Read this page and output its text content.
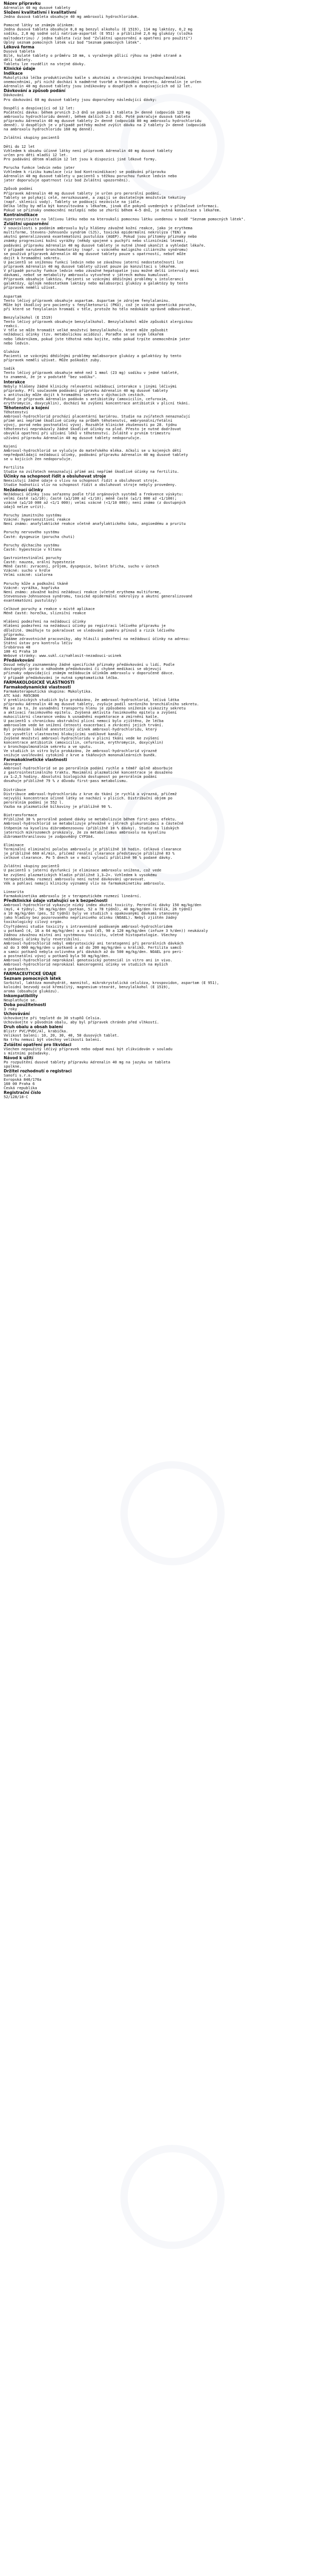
Název přípravku
Adrenalin 40 mg dusové tablety
Složení kvalitativní i kvalitativní
Jedna dusová tableta obsahuje 40 mg ambroxoli hydrochloridum.

Pomocné látky se známým účinkem:
Jedna dusová tableta obsahuje 0,8 mg benzyl alkoholu (E 1519), 114 mg laktózy, 0,2 mg
sodíku, 2,8 mg sodné soli natrium-aspartát (E 951) a přibližně 2,6 mg glukózy (složka
maltodextrinu) / jedna tableta (viz bod "Zvláštní upozornění a opatření pro použití")
Úplný seznam pomocných látek viz bod "Seznam pomocných látek".
Léková forma
Dusová tableta
Bílé, kulaté tablety o průměru 10 mm, s vyraženým půlicí rýhou na jedné straně a
dělí tablety.
Tabletu lze rozdělit na stejné dávky.
Klinické údaje
Indikace
Mukolytická léčba produktivního kašle s akutními a chronickými bronchopulmonálními
onemocněními, při nichž dochází k nadměrné tvorbě a hromadění sekretu. Adrenalin je určen
Adrenalin 40 mg dusové tablety jsou indikovány u dospělých a dospívajících od 12 let.
Dávkování a způsob podání
Dávkování
Pro dávkování 60 mg dusové tablety jsou doporučeny následující dávky:

Dospělí a dospívající od 12 let:
Počáteční dávka: během prvních 2–3 dnů se podává 1 tableta 3× denně (odpovídá 120 mg
ambroxolu hydrochloridu denně), během dalších 2–3 dnů. Poté pokračuje dusová tableta
přípravku Adrenalin 40 mg dusové tablety 2× denně (odpovídá 80 mg ambroxolu hydrochloridu
denně). U dospělých je v případě potřeby možné zvýšit dávku na 2 tablety 2× denně (odpovídá
na ambroxolu hydrochloridu 160 mg denně).

Zvláštní skupiny pacientů

Děti do 12 let
Vzhledem k obsahu účinné látky není přípravek Adrenalin 40 mg dusové tablety
určen pro děti mladší 12 let.
Pro podávání dětem mladším 12 let jsou k dispozici jiné lékové formy.

Porucha funkce ledvin nebo jater
Vzhledem k riziku kumulace (viz bod Kontraindikace) se podávání přípravku
Adrenalin 40 mg dusové tablety u pacientů s těžkou poruchou funkce ledvin nebo
jater doporučuje opatrnost (viz bod Zvláštní upozornění).

Způsob podání
Přípravek Adrenalin 40 mg dusové tablety je určen pro perorální podání.
Tablety se polykají celé, nerozkousané, a zapijí se dostatečným množstvím tekutiny
(např. sklenicí vody). Tablety se podávají nezávisle na jídle.
Délka léčby by měla být konzultována s lékařem, jinak dle pokynů uvedených v příbalové informaci.
Pokud se příznaky onemocnění nezlepší nebo se zhorší během 4–5 dnů, je nutná konzultace s lékařem.
Kontraindikace
Hypersenzitivita na léčivou látku nebo na kteroukoli pomocnou látku uvedenou v bodě "Seznam pomocných látek".
Zvláštní upozornění
V souvislosti s podáním ambroxolu byly hlášeny závažné kožní reakce, jako je erythema
multiforme, Stevens-Johnsonův syndrom (SJS), toxická epidermální nekrolýza (TEN) a
akutní generalizovaná exantematózní pustulóza (AGEP). Pokud jsou přítomny příznaky nebo
známky progresivní kožní vyrážky (někdy spojené s puchýři nebo slizničními lézemi),
podávání přípravku Adrenalin 40 mg dusové tablety je nutné ihned ukončit a vyhledat lékaře.
V případě narušené bronchomotoriky (např. u vzácného maligního ciliárního syndromu)
se používá přípravek Adrenalin 40 mg dusové tablety pouze s opatrností, neboť může
dojít k hromadění sekretu.
U pacientů se sníženou funkcí ledvin nebo se závažnou jaterní nedostatečností lze
přípravek Adrenalin 40 mg dusové tablety užívat pouze po konzultaci s lékařem.
V případě poruchy funkce ledvin nebo závažné hepatopatie jsou možné delší intervaly mezi
dávkami, neboť se metabolity ambroxolu vytvořené v játrech mohou kumulovat.
Přípravek obsahuje laktózu. Pacienti se vzácnými dědičnými problémy s intolerancí
galaktózy, úplným nedostatkem laktázy nebo malabsorpcí glukózy a galaktózy by tento
přípravek neměli užívat.

Aspartam
Tento léčivý přípravek obsahuje aspartam. Aspartam je zdrojem fenylalaninu.
Může být škodlivý pro pacienty s fenylketonurií (PKU), což je vzácná genetická porucha,
při které se fenylalanin hromadí v těle, protože ho tělo nedokáže správně odbourávat.

Benzylalkohol (E 1519)
Tento léčivý přípravek obsahuje benzylalkohol. Benzylalkohol může způsobit alergickou
reakci.
V těle se může hromadit velké množství benzylalkoholu, které může způsobit
nežádoucí účinky (tzv. metabolickou acidózu). Poraďte se se svým lékařem
nebo lékárníkem, pokud jste těhotná nebo kojíte, nebo pokud trpíte onemocněním jater
nebo ledvin.

Glukóza
Pacienti se vzácnými dědičnými problémy malabsorpce glukózy a galaktózy by tento
přípravek neměli užívat. Může poškodit zuby.

Sodík
Tento léčivý přípravek obsahuje méně než 1 mmol (23 mg) sodíku v jedné tabletě,
to znamená, že je v podstatě "bez sodíku".
Interakce
Nebyly hlášeny žádné klinicky relevantní nežádoucí interakce s jinými léčivými
přípravky. Při současném podávání přípravku Adrenalin 40 mg dusové tablety
s antitusiky může dojít k hromadění sekretu v dýchacích cestách.
Pokud je přípravek Adrenalin podáván s antibiotiky (amoxicilin, cefuroxim,
erythromycin, doxycyklin), dochází ke zvýšení koncentrace antibiotik v plicní tkáni.
Těhotenství a kojení
Těhotenství
Ambroxol-hydrochlorid prochází placentární bariérou. Studie na zvířatech nenaznačují
přímé ani nepřímé škodlivé účinky na průběh těhotenství, embryonální/fetální
vývoj, porod nebo postnatální vývoj. Rozsáhlé klinické zkušenosti po 28. týdnu
těhotenství neprokázaly žádné škodlivé účinky na plod. Přesto je nutné dodržovat
obvyklá opatření při užívání léků v těhotenství. Zvláště v prvním trimestru
užívání přípravku Adrenalin 40 mg dusové tablety nedoporučuje.

Kojení
Ambroxol-hydrochlorid se vylučuje do mateřského mléka. Ačkoli se u kojených dětí
nepředpokládají nežádoucí účinky, podávání přípravku Adrenalin 40 mg dusové tablety
se u kojících žen nedoporučuje.

Fertilita
Studie na zvířatech nenaznačují přímé ani nepřímé škodlivé účinky na fertilitu.
Účinky na schopnost řídit a obsluhovat stroje
Neexistují žádné údaje o vlivu na schopnost řídit a obsluhovat stroje.
Studie hodnotící vliv na schopnost řídit a obsluhovat stroje nebyly provedeny.
Nežádoucí účinky
Nežádoucí účinky jsou seřazeny podle tříd orgánových systémů a frekvence výskytu:
velmi časté (≥1/10); časté (≥1/100 až <1/10); méně časté (≥1/1 000 až <1/100);
vzácné (≥1/10 000 až <1/1 000); velmi vzácné (<1/10 000); není známo (z dostupných
údajů nelze určit).

Poruchy imunitního systému
Vzácné: hypersenzitivní reakce
Není známo: anafylaktické reakce včetně anafylaktického šoku, angioedému a pruritu

Poruchy nervového systému
Časté: dysgeuzie (porucha chuti)

Poruchy dýchacího systému
Časté: hypestezie v hltanu

Gastrointestinální poruchy
Časté: nauzea, orální hypestezie
Méně časté: zvracení, průjem, dyspepsie, bolest břicha, sucho v ústech
Vzácné: sucho v hrdle
Velmi vzácné: sialorea

Poruchy kůže a podkožní tkáně
Vzácné: vyrážka, kopřivka
Není známo: závažné kožní nežádoucí reakce (včetně erythema multiforme,
Stevensova-Johnsonova syndromu, toxické epidermální nekrolýzy a akutní generalizované
exantematózní pustulózy)

Celkové poruchy a reakce v místě aplikace
Méně časté: horečka, slizniční reakce

Hlášení podezření na nežádoucí účinky
Hlášení podezření na nežádoucí účinky po registraci léčivého přípravku je
důležité. Umožňuje to pokračovat ve sledování poměru přínosů a rizik léčivého
přípravku.
Žádáme zdravotnické pracovníky, aby hlásili podezření na nežádoucí účinky na adresu:
Státní ústav pro kontrolu léčiv
Šrobárova 48
100 41 Praha 10
Webové stránky: www.sukl.cz/nahlasit-nezadouci-ucinek
Předávkování
Dosud nebyly zaznamenány žádné specifické příznaky předávkování u lidí. Podle
dostupných zpráv o náhodném předávkování či chybné medikaci se objevují
příznaky odpovídající známým nežádoucím účinkům ambroxolu v doporučené dávce.
V případě předávkování je nutná symptomatická léčba.
FARMAKOLOGICKÉ VLASTNOSTI
Farmakodynamické vlastnosti
Farmakoterapeutická skupina: Mukolytika.
ATC kód: R05CB06
V preklinických studiích bylo prokázáno, že ambroxol-hydrochlorid, léčivá látka
přípravku Adrenalin 40 mg dusové tablety, zvyšuje podíl serózního bronchiálního sekretu.
Má se za to, že usnadnění transportu hlenu je způsobeno snížením viskozity sekretu
a aktivací řasinkového epitelu. Zvýšená aktivita řasinkového epitelu a zvýšení
mukociliární clearance vedou k usnadnění expektorace a zmírnění kašle.
U pacientů s chronickou obstrukční plicní nemocí bylo zjištěno, že léčba
ambroxolem vede ke snížení četnosti exacerbací a zkrácení jejich trvání.
Byl prokázán lokálně anestetický účinek ambroxol-hydrochloridu, který
lze vysvětlit vlastnostmi blokujícími sodíkové kanály.
Zvýšené množství ambroxol-hydrochloridu v plicní tkáni vede ke zvýšení
koncentrace antibiotik (amoxicilin, cefuroxim, erythromycin, doxycyklin)
v bronchopulmonálním sekretu a ve sputu.
Ve studiích in vitro bylo prokázáno, že ambroxol-hydrochlorid výrazně
snižuje uvolňování cytokinů z krve a tkáňových mononukleárních buněk.
Farmakokinetické vlastnosti
Absorpce
Ambroxol-hydrochlorid se po perorálním podání rychle a téměř úplně absorbuje
z gastrointestinálního traktu. Maximální plazmatické koncentrace je dosaženo
za 1–2,5 hodiny. Absolutní biologická dostupnost po perorálním podání
dosahuje přibližně 79 % z důvodu first-pass metabolismu.

Distribuce
Distribuce ambroxol-hydrochloridu z krve do tkání je rychlá a výrazná, přičemž
nejvyšší koncentrace účinné látky se nachází v plicích. Distribuční objem po
perorálním podání je 552 l.
Vazba na plazmatické bílkoviny je přibližně 90 %.

Biotransformace
Přibližně 30 % perorálně podané dávky se metabolizuje během first-pass efektu.
Ambroxol-hydrochlorid se metabolizuje převážně v játrech glukuronidací a částečně
štěpením na kyselinu dibrombenzoovou (přibližně 10 % dávky). Studie na lidských
jaterních mikrozomech prokázaly, že za metabolismus ambroxolu na kyselinu
dibromanthranilovou je zodpovědný CYP3A4.

Eliminace
Terminální eliminační poločas ambroxolu je přibližně 10 hodin. Celková clearance
je přibližně 660 ml/min, přičemž renální clearance představuje přibližně 83 %
celkové clearance. Po 5 dnech se v moči vyloučí přibližně 90 % podané dávky.

Zvláštní skupiny pacientů
U pacientů s jaterní dysfunkcí je eliminace ambroxolu snížena, což vede
ke zvýšení plazmatických hladin přibližně 1,3–2×. Vzhledem k vysokému
terapeutickému rozmezí ambroxolu není nutné dávkování upravovat.
Věk a pohlaví nemají klinicky významný vliv na farmakokinetiku ambroxolu.

Linearita
Farmakokinetika ambroxolu je v terapeutickém rozmezí lineární.
Předklinické údaje vztahující se k bezpečnosti
Ambroxol-hydrochlorid vykazuje nízký index akutní toxicity. Perorální dávky 150 mg/kg/den
(myš, 4 týdny), 50 mg/kg/den (potkan, 52 a 78 týdnů), 40 mg/kg/den (králík, 26 týdnů)
a 10 mg/kg/den (pes, 52 týdnů) byly ve studiích s opakovanými dávkami stanoveny
jako hladiny bez pozorovaného nepříznivého účinku (NOAEL). Nebyl zjištěn žádný
toxikologický cílový orgán.
Čtyřtýdenní studie toxicity s intravenózně podávaným ambroxol-hydrochloridem
u potkanů (4, 16 a 64 mg/kg/den) a u psů (45, 90 a 120 mg/kg/den (infuze 3 h/den)) neukázaly
žádnou závažnou místní ani systémovou toxicitu, včetně histopatologie. Všechny
nežádoucí účinky byly reverzibilní.
Ambroxol-hydrochlorid nebyl embryotoxický ani teratogenní při perorálních dávkách
až do 3 000 mg/kg/den u potkanů a až do 200 mg/kg/den u králíků. Fertilita samců
a samic potkanů nebyla ovlivněna při dávkách až do 500 mg/kg/den. NOAEL pro peri-
a postnatální vývoj u potkanů byla 50 mg/kg/den.
Ambroxol-hydrochlorid neprokázal genotoxický potenciál in vitro ani in vivo.
Ambroxol-hydrochlorid neprokázal kancerogenní účinky ve studiích na myších
a potkanech.
FARMACEUTICKÉ ÚDAJE
Seznam pomocných látek
Sorbitol, laktóza monohydrát, mannitol, mikrokrystalická celulóza, krospovidon, aspartam (E 951),
koloidní bezvodý oxid křemičitý, magnesium-stearát, benzylalkohol (E 1519),
aroma (obsahuje glukózu).
Inkompatibility
Neuplatňuje se.
Doba použitelnosti
3 roky
Uchovávání
Uchovávejte při teplotě do 30 stupňů Celsia.
Uchovávejte v původním obalu, aby byl přípravek chráněn před vlhkostí.
Druh obalu a obsah balení
Blistr PVC/PVDC/Al, krabička.
Velikost balení: 10, 20, 30, 40, 50 dusových tablet.
Na trhu nemusí být všechny velikosti balení.
Zvláštní opatření pro likvidaci
Všechen nepoužitý léčivý přípravek nebo odpad musí být zlikvidován v souladu
s místními požadavky.
Návod k užití
Po rozpuštění dusové tablety přípravku Adrenalin 40 mg na jazyku se tableta
spolkne.
Držitel rozhodnutí o registraci
Sanofi s.r.o.
Evropská 846/176a
160 00 Praha 6
Česká republika
Registrační číslo
52/128/18-C
